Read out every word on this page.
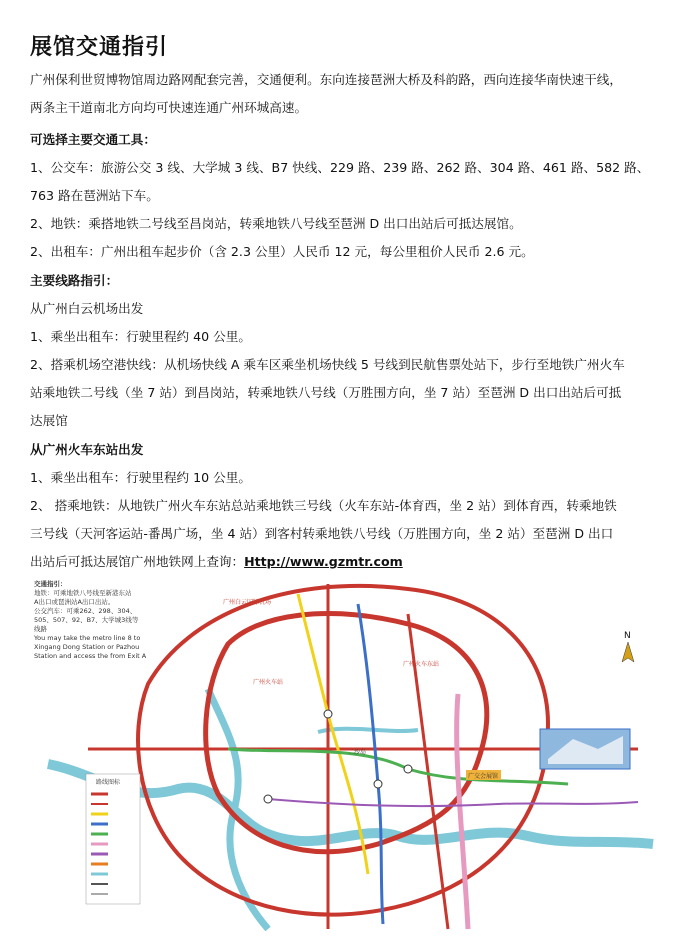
展馆交通指引

广州保利世贸博物馆周边路网配套完善，交通便利。东向连接琶洲大桥及科韵路，西向连接华南快速干线，

两条主干道南北方向均可快速连通广州环城高速。

可选择主要交通工具：

1、公交车：旅游公交 3 线、大学城 3 线、B7 快线、229 路、239 路、262 路、304 路、461 路、582 路、

763 路在琶洲站下车。

2、地铁：乘搭地铁二号线至昌岗站，转乘地铁八号线至琶洲 D 出口出站后可抵达展馆。

2、出租车：广州出租车起步价（含 2.3 公里）人民币 12 元，每公里租价人民币 2.6 元。

主要线路指引：

从广州白云机场出发

1、乘坐出租车：行驶里程约 40 公里。

2、搭乘机场空港快线：从机场快线 A 乘车区乘坐机场快线 5 号线到民航售票处站下，步行至地铁广州火车

站乘地铁二号线（坐 7 站）到昌岗站，转乘地铁八号线（万胜围方向，坐 7 站）至琶洲 D 出口出站后可抵

达展馆

从广州火车东站出发

1、乘坐出租车：行驶里程约 10 公里。

2、 搭乘地铁：从地铁广州火车东站总站乘地铁三号线（火车东站-体育西，坐 2 站）到体育西，转乘地铁

三号线（天河客运站-番禺广场，坐 4 站）到客村转乘地铁八号线（万胜围方向，坐 2 站）至琶洲 D 出口

出站后可抵达展馆广州地铁网上查询：Http://www.gzmtr.com

交通指引：
地铁：可乘地铁八号线至新港东站
A出口或琶洲站A出口出站。
公交汽车：可乘262、298、304、
505、507、92、B7、大学城3线等
线路
You may take the metro line 8 to
Xingang Dong Station or Pazhou
Station and access the from Exit A
广州白云国际机场
广州火车东站
广州火车站
二沙岛
广交会展馆
N
路线图标
